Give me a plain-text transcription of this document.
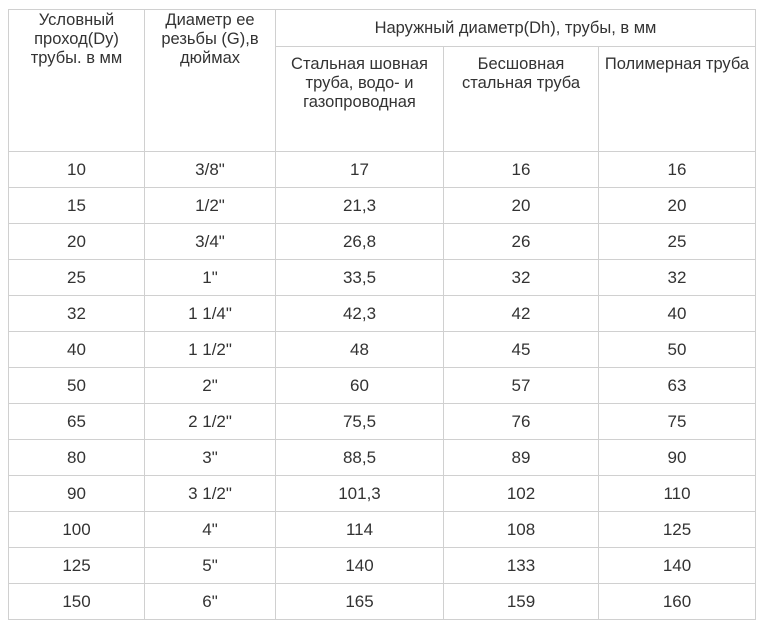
Условный проход(Dy) трубы. в мм	Диаметр ее резьбы (G),в дюймах	Наружный диаметр(Dh), трубы, в мм		
		Стальная шовная труба, водо- и газопроводная	Бесшовная стальная труба	Полимерная труба
10	3/8"	17	16	16
15	1/2"	21,3	20	20
20	3/4"	26,8	26	25
25	1"	33,5	32	32
32	1 1/4"	42,3	42	40
40	1 1/2"	48	45	50
50	2"	60	57	63
65	2 1/2"	75,5	76	75
80	3"	88,5	89	90
90	3 1/2"	101,3	102	110
100	4"	114	108	125
125	5"	140	133	140
150	6"	165	159	160
